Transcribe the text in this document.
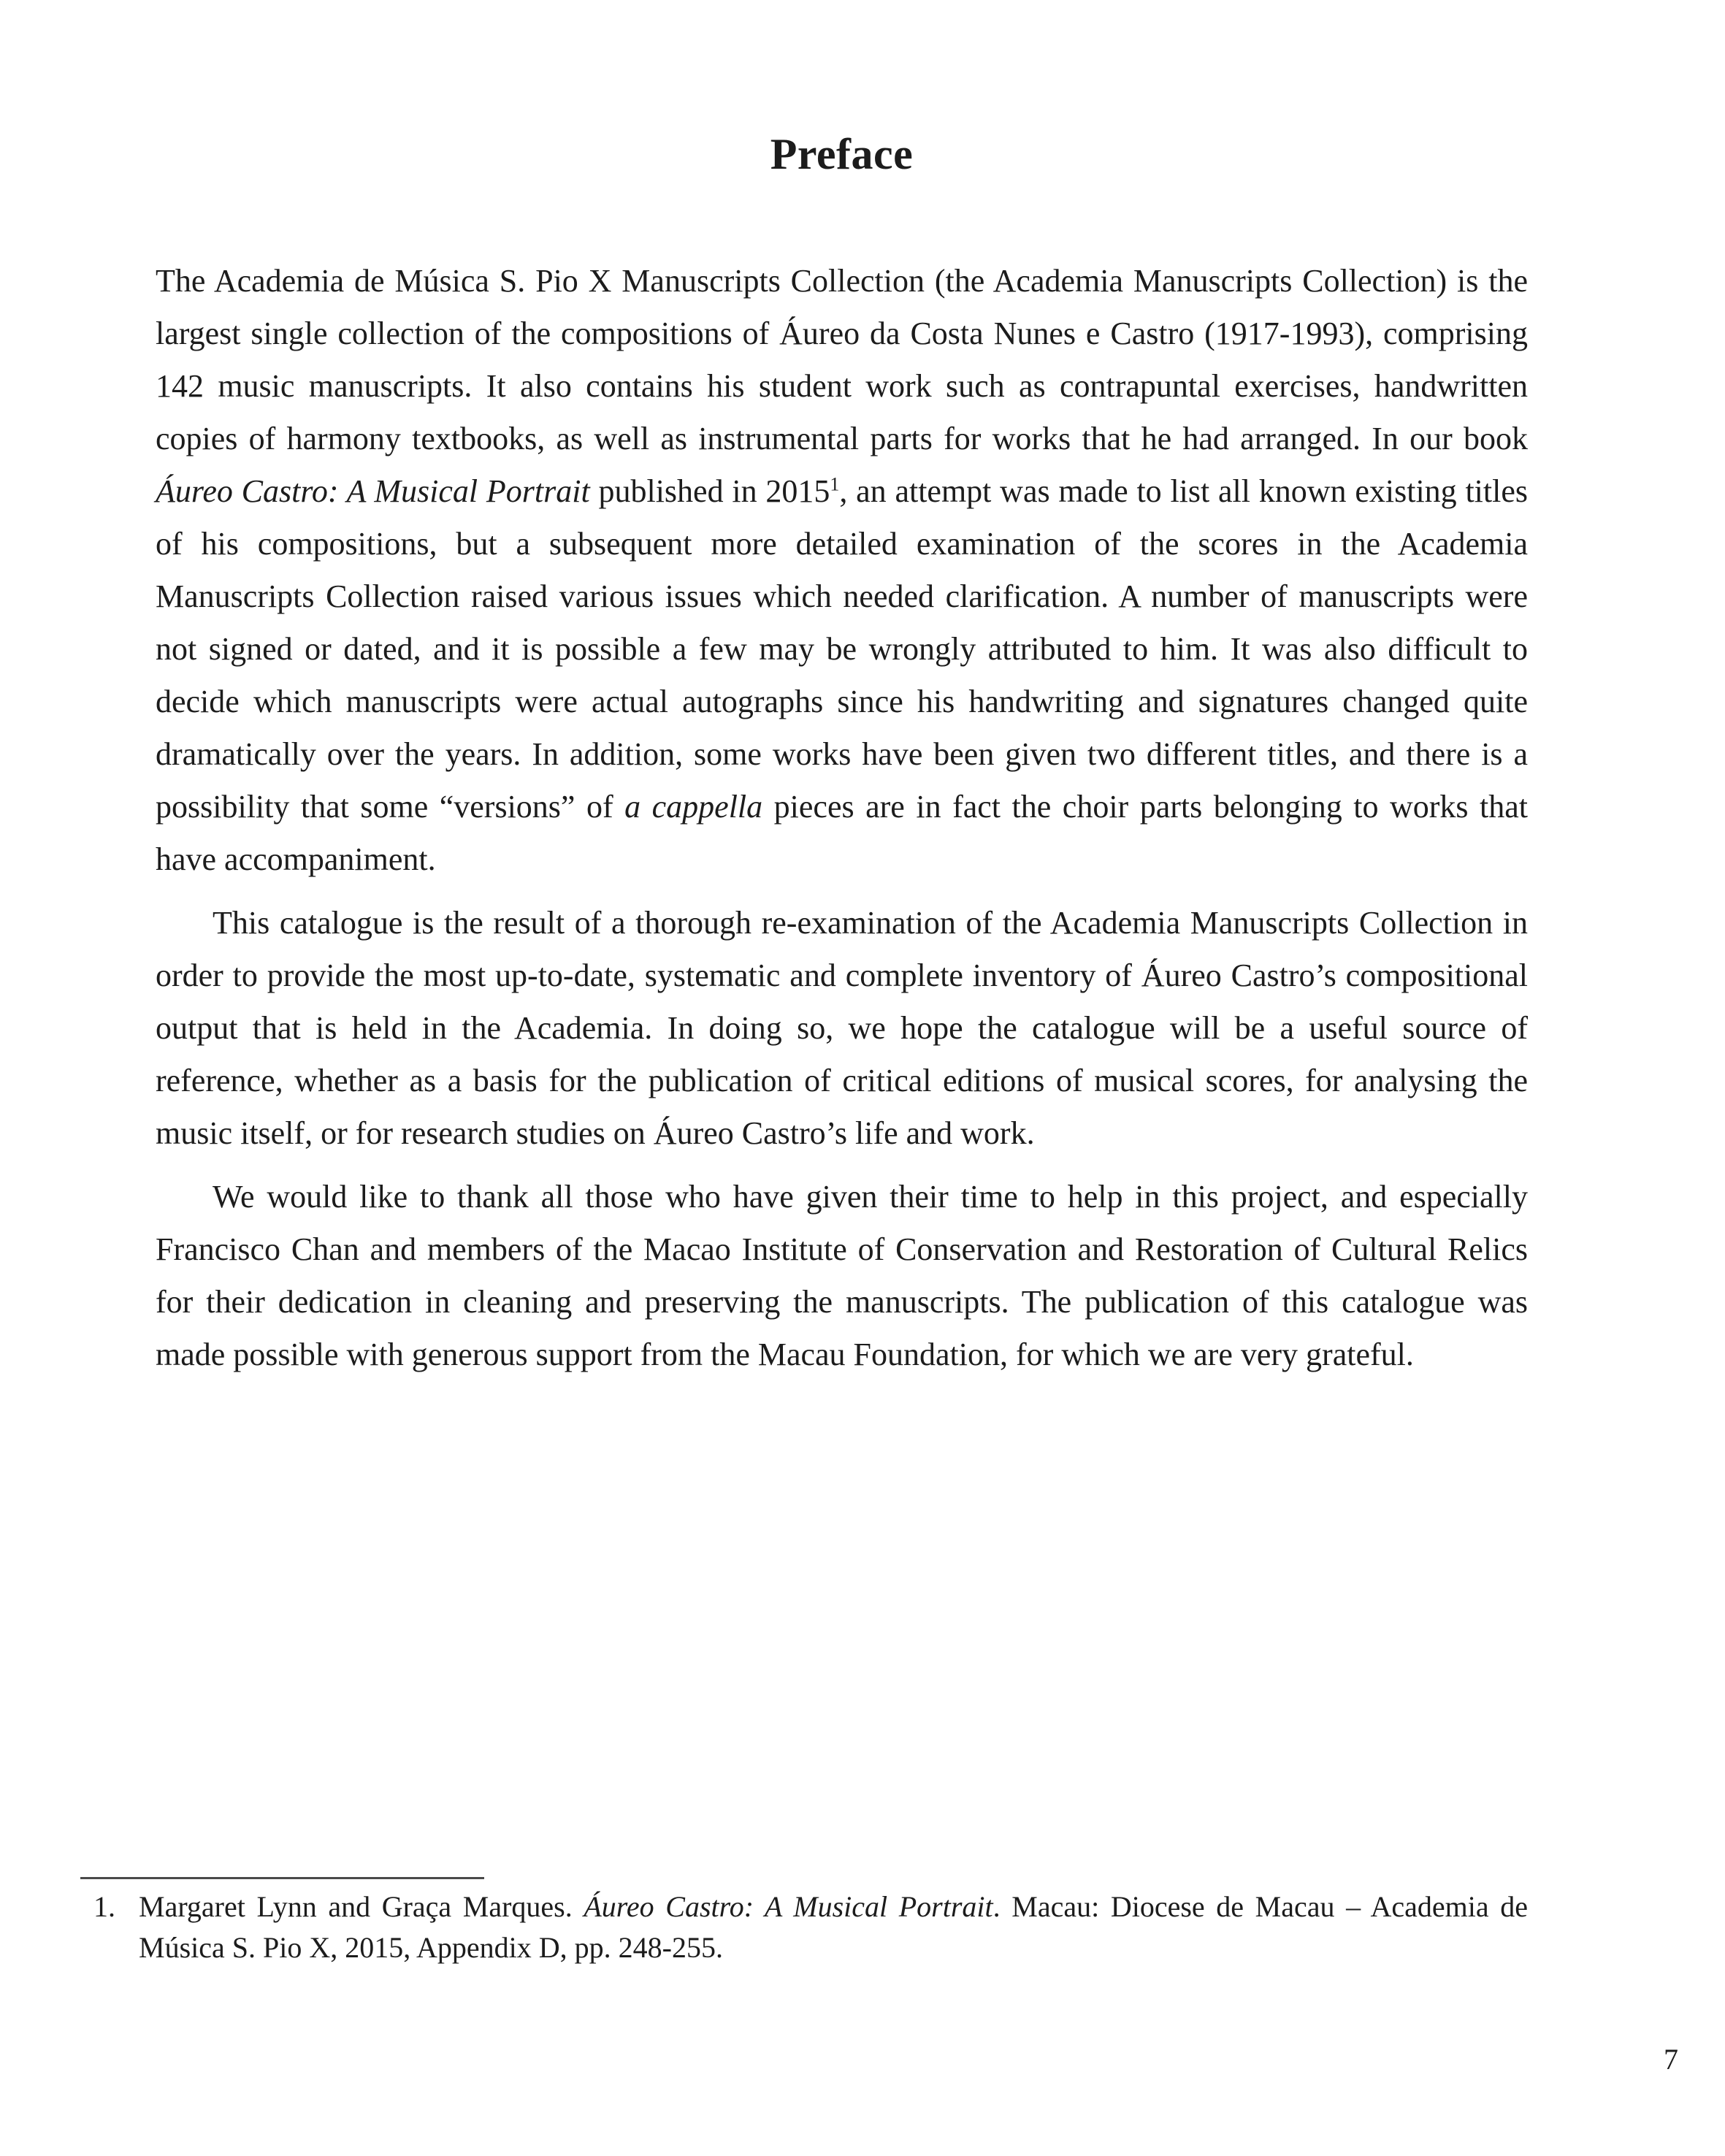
Preface

The Academia de Música S. Pio X Manuscripts Collection (the Academia Manuscripts Collection) is the largest single collection of the compositions of Áureo da Costa Nunes e Castro (1917-1993), comprising 142 music manuscripts. It also contains his student work such as contrapuntal exercises, handwritten copies of harmony textbooks, as well as instrumental parts for works that he had arranged. In our book Áureo Castro: A Musical Portrait published in 2015$^1$, an attempt was made to list all known existing titles of his compositions, but a subsequent more detailed examination of the scores in the Academia Manuscripts Collection raised various issues which needed clarification. A number of manuscripts were not signed or dated, and it is possible a few may be wrongly attributed to him. It was also difficult to decide which manuscripts were actual autographs since his handwriting and signatures changed quite dramatically over the years. In addition, some works have been given two different titles, and there is a possibility that some “versions” of a cappella pieces are in fact the choir parts belonging to works that have accompaniment.

This catalogue is the result of a thorough re-examination of the Academia Manuscripts Collection in order to provide the most up-to-date, systematic and complete inventory of Áureo Castro’s compositional output that is held in the Academia. In doing so, we hope the catalogue will be a useful source of reference, whether as a basis for the publication of critical editions of musical scores, for analysing the music itself, or for research studies on Áureo Castro’s life and work.

We would like to thank all those who have given their time to help in this project, and especially Francisco Chan and members of the Macao Institute of Conservation and Restoration of Cultural Relics for their dedication in cleaning and preserving the manuscripts. The publication of this catalogue was made possible with generous support from the Macau Foundation, for which we are very grateful.

1. Margaret Lynn and Graça Marques. Áureo Castro: A Musical Portrait. Macau: Diocese de Macau – Academia de Música S. Pio X, 2015, Appendix D, pp. 248-255.
7
